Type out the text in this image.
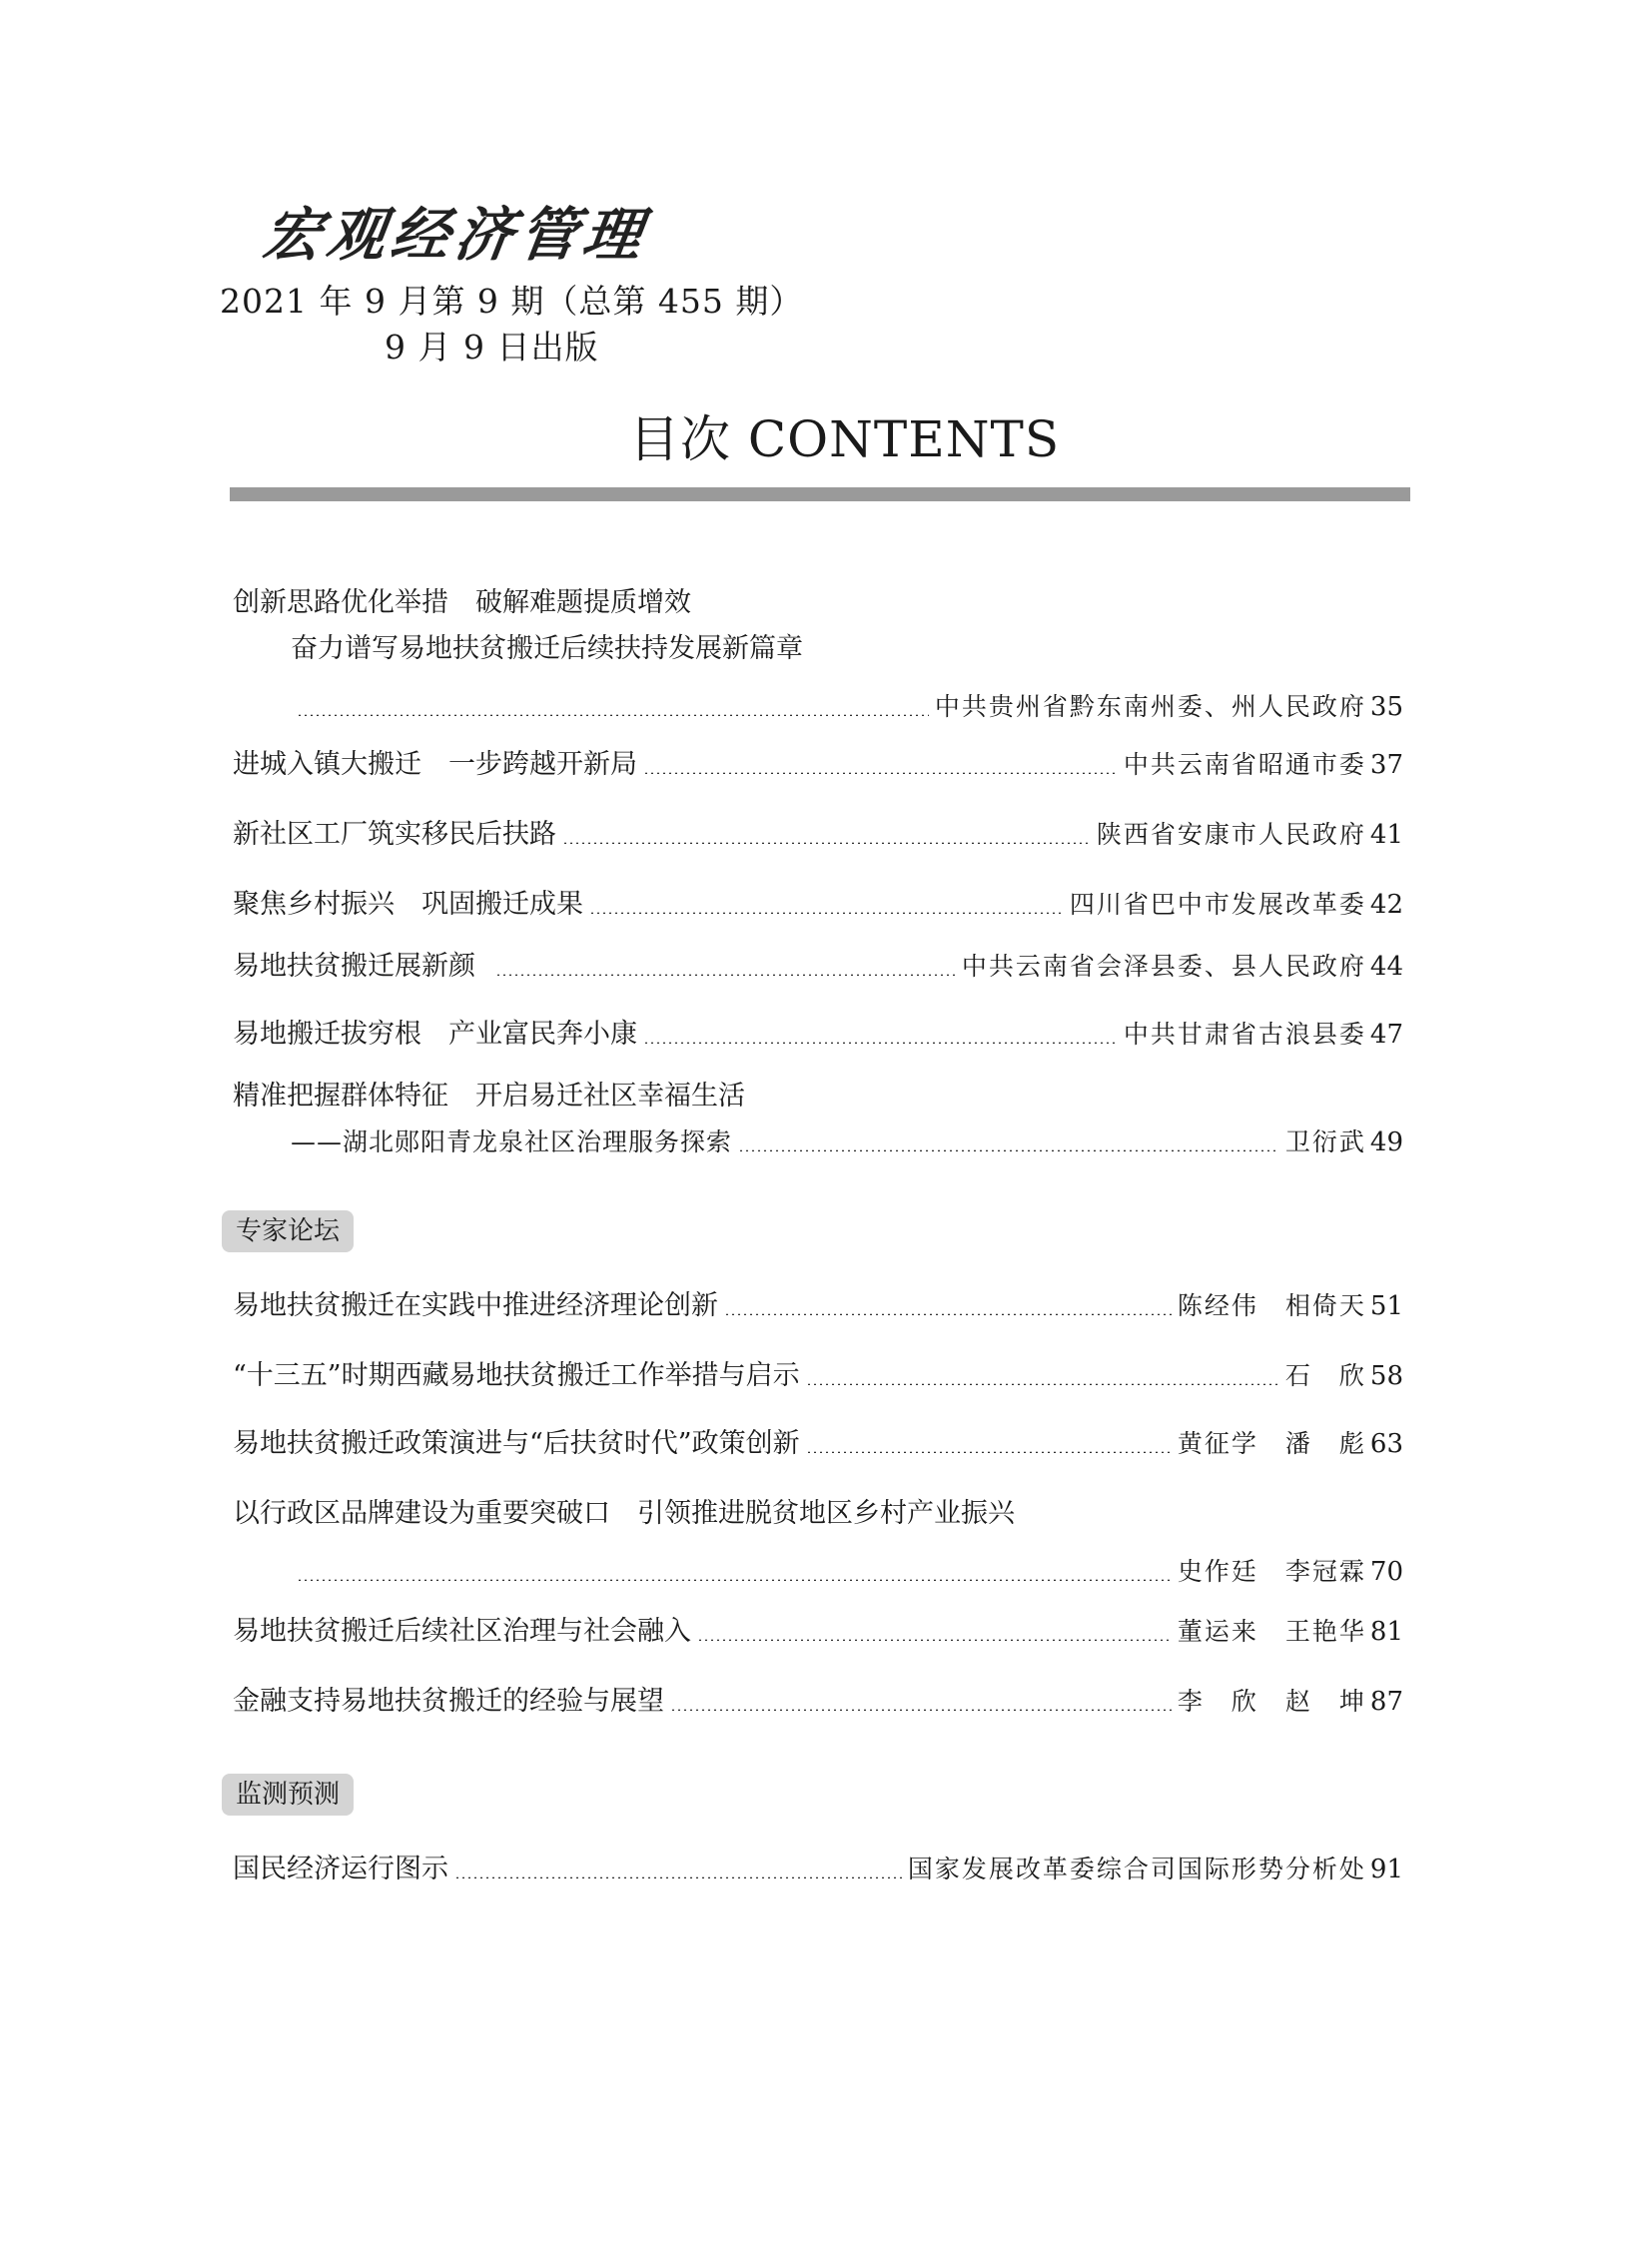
宏观经济管理
2021 年 9 月第 9 期（总第 455 期）
9 月 9 日出版
目次 CONTENTS
创新思路优化举措　破解难题提质增效
奋力谱写易地扶贫搬迁后续扶持发展新篇章
中共贵州省黔东南州委、州人民政府 35
进城入镇大搬迁　一步跨越开新局	中共云南省昭通市委 37
新社区工厂筑实移民后扶路	陕西省安康市人民政府 41
聚焦乡村振兴　巩固搬迁成果	四川省巴中市发展改革委 42
易地扶贫搬迁展新颜	中共云南省会泽县委、县人民政府 44
易地搬迁拔穷根　产业富民奔小康	中共甘肃省古浪县委 47
精准把握群体特征　开启易迁社区幸福生活
——湖北郧阳青龙泉社区治理服务探索	卫衍武 49
专家论坛
易地扶贫搬迁在实践中推进经济理论创新	陈经伟　相倚天 51
“十三五”时期西藏易地扶贫搬迁工作举措与启示	石　欣 58
易地扶贫搬迁政策演进与“后扶贫时代”政策创新	黄征学　潘　彪 63
以行政区品牌建设为重要突破口　引领推进脱贫地区乡村产业振兴
史作廷　李冠霖 70
易地扶贫搬迁后续社区治理与社会融入	董运来　王艳华 81
金融支持易地扶贫搬迁的经验与展望	李　欣　赵　坤 87
监测预测
国民经济运行图示	国家发展改革委综合司国际形势分析处 91
